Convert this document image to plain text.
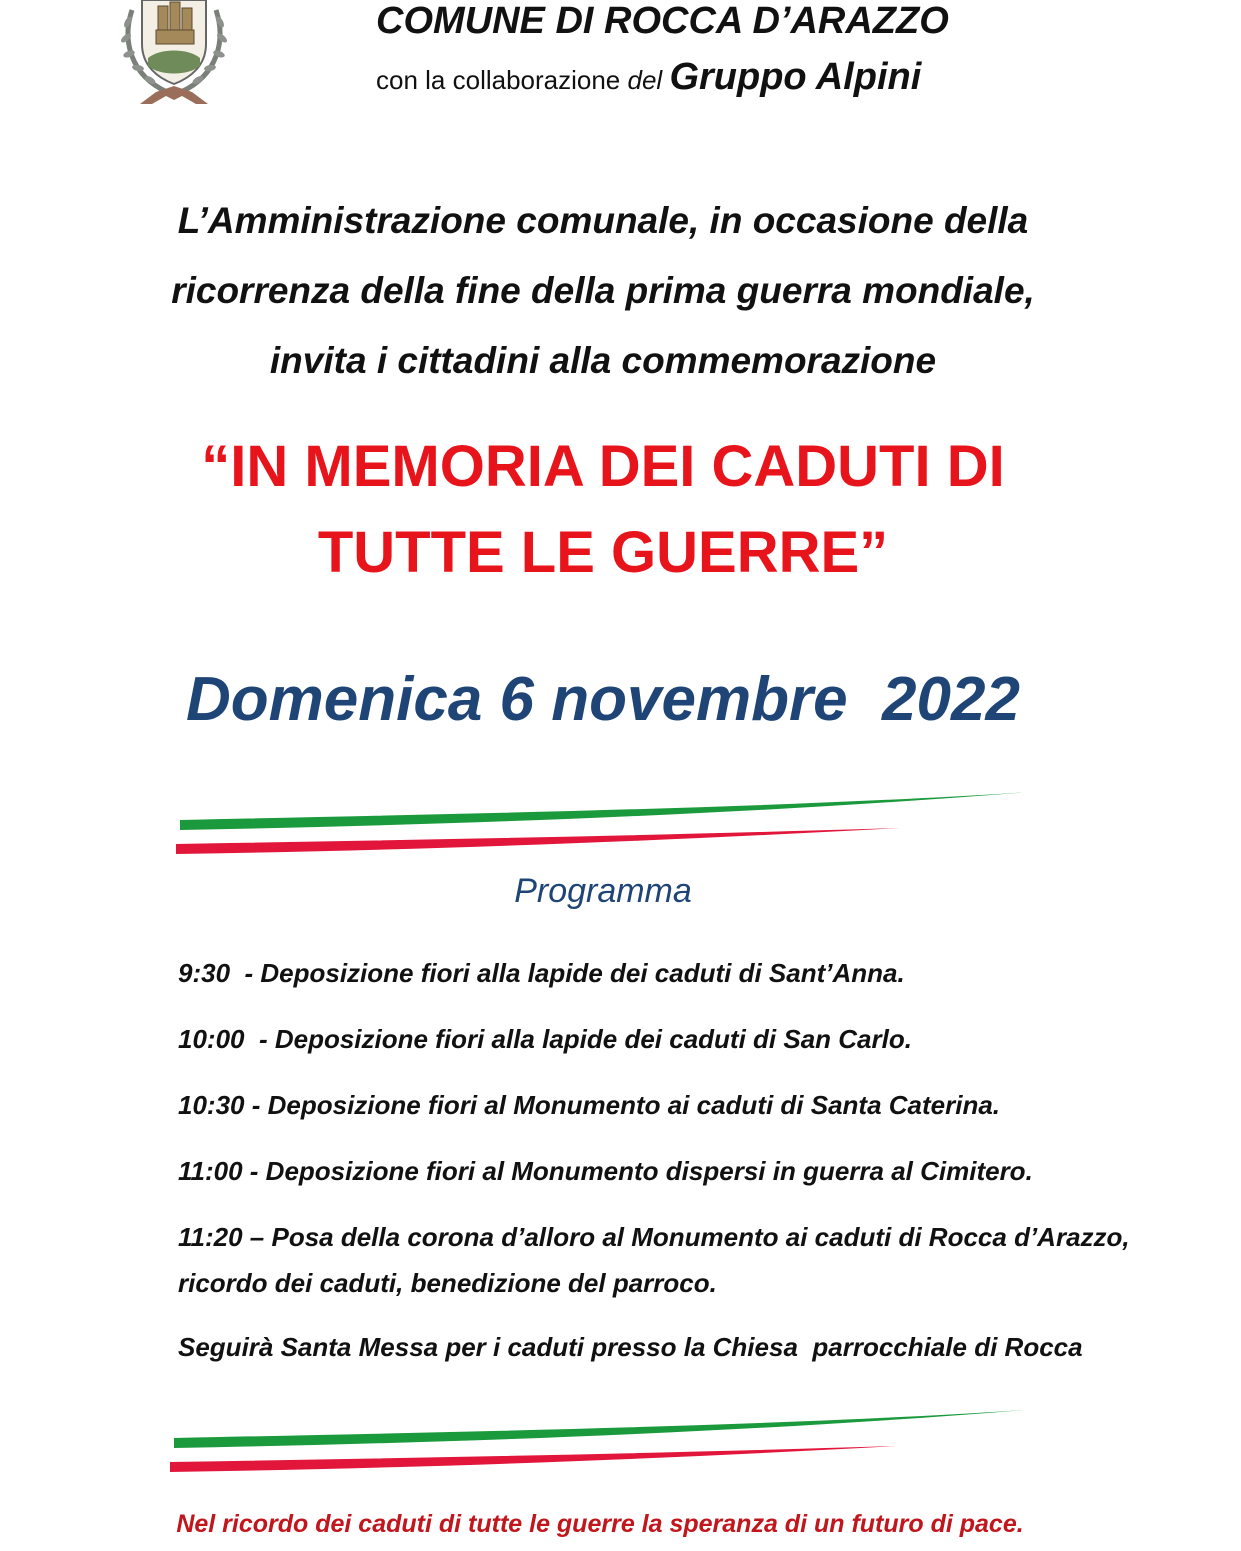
COMUNE DI ROCCA D’ARAZZO
con la collaborazione del Gruppo Alpini
L’Amministrazione comunale, in occasione della
ricorrenza della fine della prima guerra mondiale,
invita i cittadini alla commemorazione
“IN MEMORIA DEI CADUTI DI
TUTTE LE GUERRE”
Domenica 6 novembre  2022
Programma
9:30  - Deposizione fiori alla lapide dei caduti di Sant’Anna.
10:00  - Deposizione fiori alla lapide dei caduti di San Carlo.
10:30 - Deposizione fiori al Monumento ai caduti di Santa Caterina.
11:00 - Deposizione fiori al Monumento dispersi in guerra al Cimitero.
11:20 – Posa della corona d’alloro al Monumento ai caduti di Rocca d’Arazzo, ricordo dei caduti, benedizione del parroco.
Seguirà Santa Messa per i caduti presso la Chiesa  parrocchiale di Rocca
Nel ricordo dei caduti di tutte le guerre la speranza di un futuro di pace.
